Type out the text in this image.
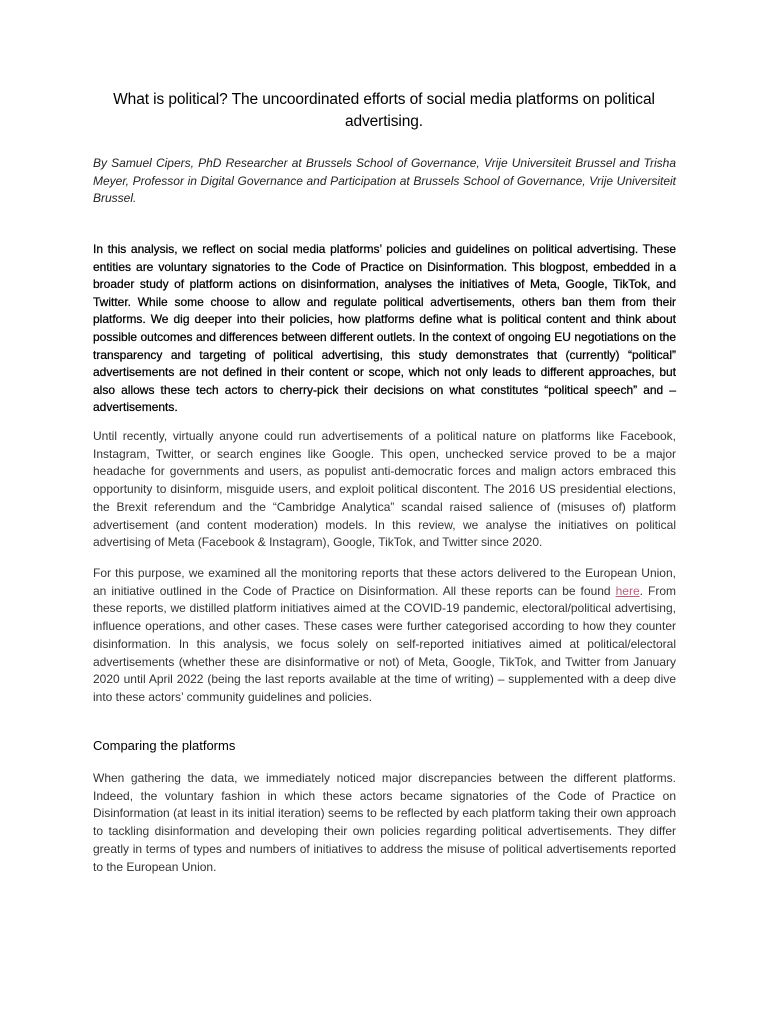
What is political? The uncoordinated efforts of social media platforms on political advertising.
By Samuel Cipers, PhD Researcher at Brussels School of Governance, Vrije Universiteit Brussel and Trisha Meyer, Professor in Digital Governance and Participation at Brussels School of Governance, Vrije Universiteit Brussel.
In this analysis, we reflect on social media platforms’ policies and guidelines on political advertising. These entities are voluntary signatories to the Code of Practice on Disinformation. This blogpost, embedded in a broader study of platform actions on disinformation, analyses the initiatives of Meta, Google, TikTok, and Twitter. While some choose to allow and regulate political advertisements, others ban them from their platforms. We dig deeper into their policies, how platforms define what is political content and think about possible outcomes and differences between different outlets. In the context of ongoing EU negotiations on the transparency and targeting of political advertising, this study demonstrates that (currently) “political” advertisements are not defined in their content or scope, which not only leads to different approaches, but also allows these tech actors to cherry-pick their decisions on what constitutes “political speech” and – advertisements.
Until recently, virtually anyone could run advertisements of a political nature on platforms like Facebook, Instagram, Twitter, or search engines like Google. This open, unchecked service proved to be a major headache for governments and users, as populist anti-democratic forces and malign actors embraced this opportunity to disinform, misguide users, and exploit political discontent. The 2016 US presidential elections, the Brexit referendum and the “Cambridge Analytica” scandal raised salience of (misuses of) platform advertisement (and content moderation) models. In this review, we analyse the initiatives on political advertising of Meta (Facebook & Instagram), Google, TikTok, and Twitter since 2020.
For this purpose, we examined all the monitoring reports that these actors delivered to the European Union, an initiative outlined in the Code of Practice on Disinformation. All these reports can be found here. From these reports, we distilled platform initiatives aimed at the COVID-19 pandemic, electoral/political advertising, influence operations, and other cases. These cases were further categorised according to how they counter disinformation. In this analysis, we focus solely on self-reported initiatives aimed at political/electoral advertisements (whether these are disinformative or not) of Meta, Google, TikTok, and Twitter from January 2020 until April 2022 (being the last reports available at the time of writing) – supplemented with a deep dive into these actors’ community guidelines and policies.
Comparing the platforms
When gathering the data, we immediately noticed major discrepancies between the different platforms. Indeed, the voluntary fashion in which these actors became signatories of the Code of Practice on Disinformation (at least in its initial iteration) seems to be reflected by each platform taking their own approach to tackling disinformation and developing their own policies regarding political advertisements. They differ greatly in terms of types and numbers of initiatives to address the misuse of political advertisements reported to the European Union.
